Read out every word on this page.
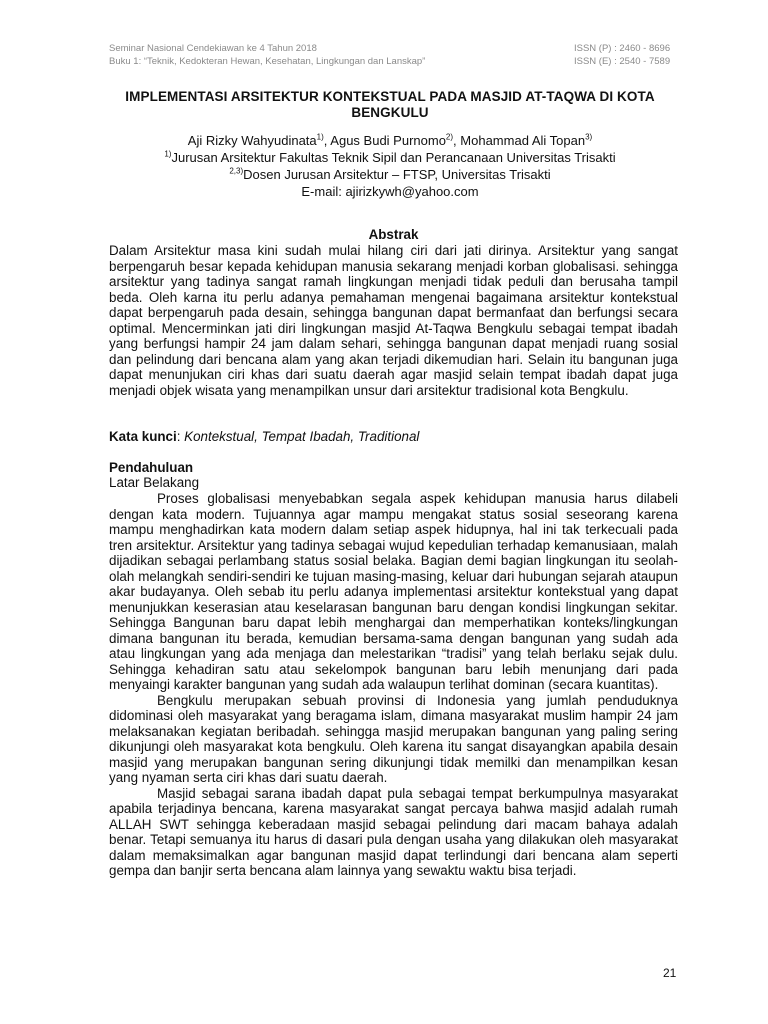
Seminar Nasional Cendekiawan ke 4 Tahun 2018
Buku 1: “Teknik, Kedokteran Hewan, Kesehatan, Lingkungan dan Lanskap”
ISSN (P) : 2460 - 8696
ISSN (E) : 2540 - 7589
IMPLEMENTASI ARSITEKTUR KONTEKSTUAL PADA MASJID AT-TAQWA DI KOTA BENGKULU
Aji Rizky Wahyudinata$^{1)}$, Agus Budi Purnomo$^{2)}$, Mohammad Ali Topan$^{3)}$
$^{1)}$Jurusan Arsitektur Fakultas Teknik Sipil dan Perancanaan Universitas Trisakti
$^{2,3)}$Dosen Jurusan Arsitektur – FTSP, Universitas Trisakti
E-mail: ajirizkywh@yahoo.com
Abstrak
Dalam Arsitektur masa kini sudah mulai hilang ciri dari jati dirinya. Arsitektur yang sangat berpengaruh besar kepada kehidupan manusia sekarang menjadi korban globalisasi. sehingga arsitektur yang tadinya sangat ramah lingkungan menjadi tidak peduli dan berusaha tampil beda. Oleh karna itu perlu adanya pemahaman mengenai bagaimana arsitektur kontekstual dapat berpengaruh pada desain, sehingga bangunan dapat bermanfaat dan berfungsi secara optimal. Mencerminkan jati diri lingkungan masjid At-Taqwa Bengkulu sebagai tempat ibadah yang berfungsi hampir 24 jam dalam sehari, sehingga bangunan dapat menjadi ruang sosial dan pelindung dari bencana alam yang akan terjadi dikemudian hari. Selain itu bangunan juga dapat menunjukan ciri khas dari suatu daerah agar masjid selain tempat ibadah dapat juga menjadi objek wisata yang menampilkan unsur dari arsitektur tradisional kota Bengkulu.
Kata kunci: Kontekstual, Tempat Ibadah, Traditional
Pendahuluan
Latar Belakang

Proses globalisasi menyebabkan segala aspek kehidupan manusia harus dilabeli dengan kata modern. Tujuannya agar mampu mengakat status sosial seseorang karena mampu menghadirkan kata modern dalam setiap aspek hidupnya, hal ini tak terkecuali pada tren arsitektur. Arsitektur yang tadinya sebagai wujud kepedulian terhadap kemanusiaan, malah dijadikan sebagai perlambang status sosial belaka. Bagian demi bagian lingkungan itu seolah-olah melangkah sendiri-sendiri ke tujuan masing-masing, keluar dari hubungan sejarah ataupun akar budayanya. Oleh sebab itu perlu adanya implementasi arsitektur kontekstual yang dapat menunjukkan keserasian atau keselarasan bangunan baru dengan kondisi lingkungan sekitar. Sehingga Bangunan baru dapat lebih menghargai dan memperhatikan konteks/lingkungan dimana bangunan itu berada, kemudian bersama-sama dengan bangunan yang sudah ada atau lingkungan yang ada menjaga dan melestarikan “tradisi” yang telah berlaku sejak dulu. Sehingga kehadiran satu atau sekelompok bangunan baru lebih menunjang dari pada menyaingi karakter bangunan yang sudah ada walaupun terlihat dominan (secara kuantitas).

Bengkulu merupakan sebuah provinsi di Indonesia yang jumlah penduduknya didominasi oleh masyarakat yang beragama islam, dimana masyarakat muslim hampir 24 jam melaksanakan kegiatan beribadah. sehingga masjid merupakan bangunan yang paling sering dikunjungi oleh masyarakat kota bengkulu. Oleh karena itu sangat disayangkan apabila desain masjid yang merupakan bangunan sering dikunjungi tidak memilki dan menampilkan kesan yang nyaman serta ciri khas dari suatu daerah.

Masjid sebagai sarana ibadah dapat pula sebagai tempat berkumpulnya masyarakat apabila terjadinya bencana, karena masyarakat sangat percaya bahwa masjid adalah rumah ALLAH SWT sehingga keberadaan masjid sebagai pelindung dari macam bahaya adalah benar. Tetapi semuanya itu harus di dasari pula dengan usaha yang dilakukan oleh masyarakat dalam memaksimalkan agar bangunan masjid dapat terlindungi dari bencana alam seperti gempa dan banjir serta bencana alam lainnya yang sewaktu waktu bisa terjadi.

21
